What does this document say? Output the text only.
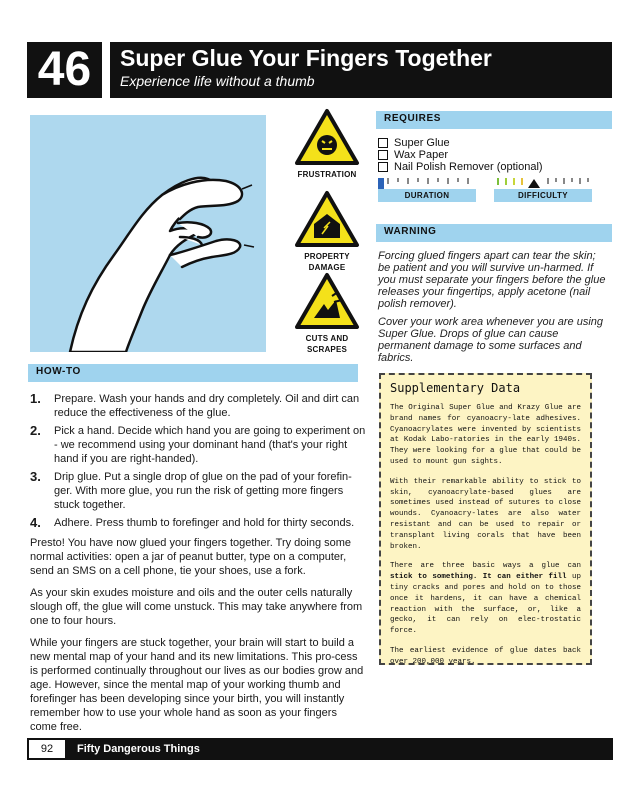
46	Super Glue Your Fingers Together
Experience life without a thumb
FRUSTRATION
PROPERTY
DAMAGE
CUTS AND
SCRAPES
REQUIRES
Super Glue
Wax Paper
Nail Polish Remover (optional)
DURATION	DIFFICULTY
WARNING

Forcing glued fingers apart can tear the skin; be patient and you will survive un-harmed. If you must separate your fingers before the glue releases your fingertips, apply acetone (nail polish remover).

Cover your work area whenever you are using Super Glue. Drops of glue can cause permanent damage to some surfaces and fabrics.

HOW-TO
1.	Prepare. Wash your hands and dry completely. Oil and dirt can reduce the effectiveness of the glue.
2.	Pick a hand. Decide which hand you are going to experiment on - we recommend using your dominant hand (that's your right hand if you are right-handed).
3.	Drip glue. Put a single drop of glue on the pad of your forefin-ger. With more glue, you run the risk of getting more fingers stuck together.
4.	Adhere. Press thumb to forefinger and hold for thirty seconds.

Presto! You have now glued your fingers together. Try doing some normal activities: open a jar of peanut butter, type on a computer, send an SMS on a cell phone, tie your shoes, use a fork.

As your skin exudes moisture and oils and the outer cells naturally slough off, the glue will come unstuck. This may take anywhere from one to four hours.

While your fingers are stuck together, your brain will start to build a new mental map of your hand and its new limitations. This pro-cess is performed continually throughout our lives as our bodies grow and age. However, since the mental map of your working thumb and forefinger has been developing since your birth, you will instantly remember how to use your whole hand as soon as your fingers come free.

Supplementary Data

The Original Super Glue and Krazy Glue are brand names for cyanoacry-late adhesives. Cyanoacrylates were invented by scientists at Kodak Labo-ratories in the early 1940s. They were looking for a glue that could be used to mount gun sights.

With their remarkable ability to stick to skin, cyanoacrylate-based glues are sometimes used instead of sutures to close wounds. Cyanoacry-lates are also water resistant and can be used to repair or transplant living corals that have been broken.

There are three basic ways a glue can stick to something. It can either fill up tiny cracks and pores and hold on to those once it hardens, it can have a chemical reaction with the surface, or, like a gecko, it can rely on elec-trostatic force.

The earliest evidence of glue dates back over 200,000 years.

92	Fifty Dangerous Things
